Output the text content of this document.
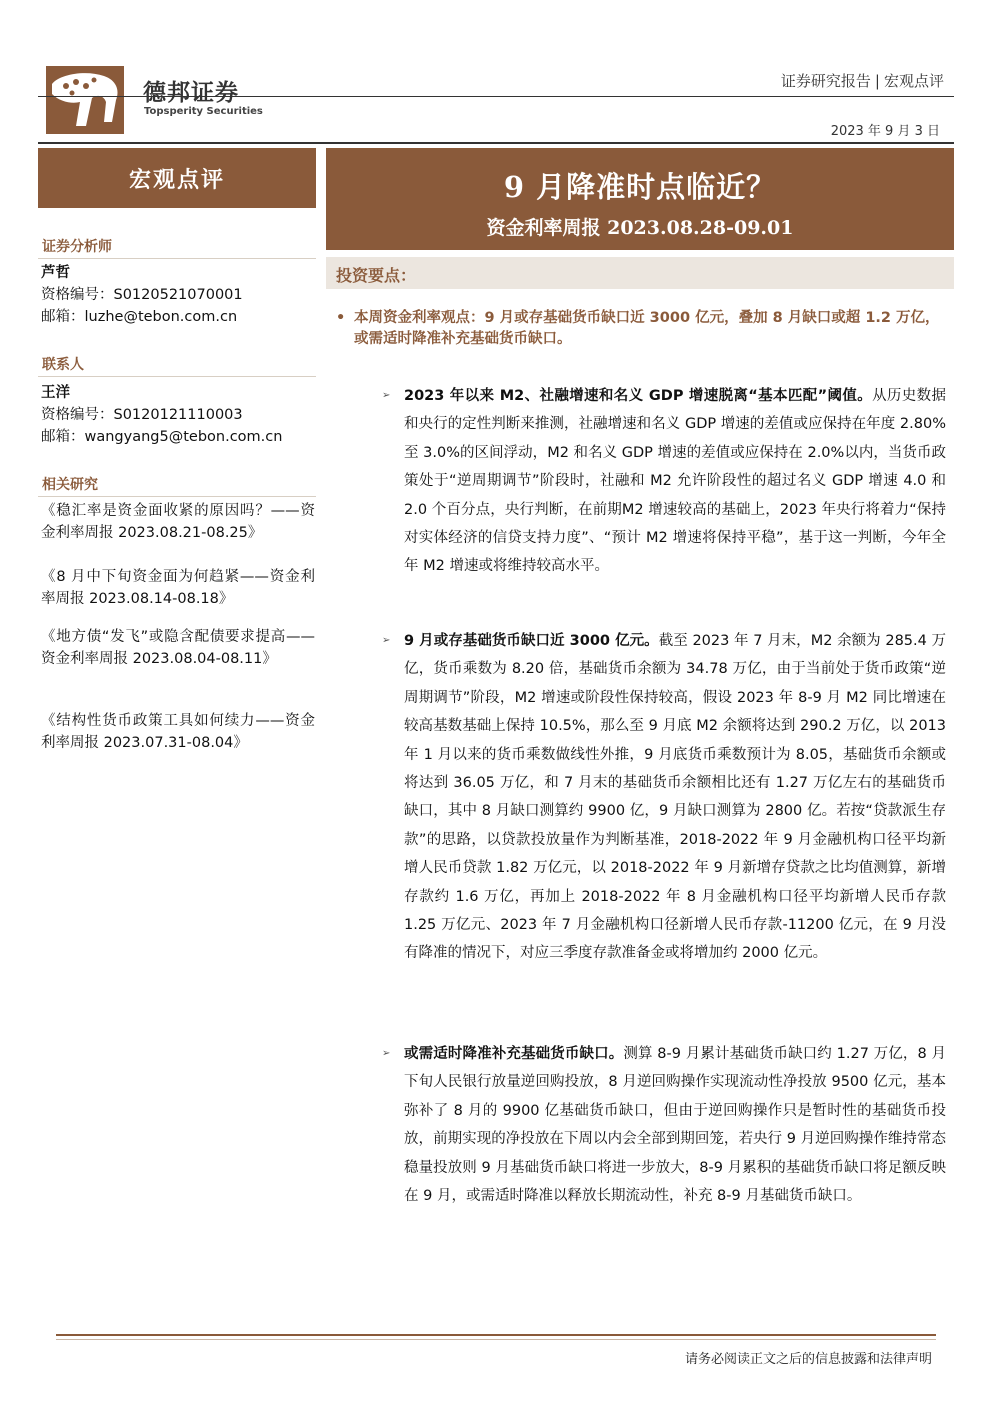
德邦证券
Topsperity Securities
证券研究报告 | 宏观点评
2023 年 9 月 3 日
宏观点评
证券分析师
芦哲
资格编号：S0120521070001
邮箱：luzhe@tebon.com.cn
联系人
王洋
资格编号：S0120121110003
邮箱：wangyang5@tebon.com.cn
相关研究
《稳汇率是资金面收紧的原因吗？——资金利率周报 2023.08.21-08.25》
《8 月中下旬资金面为何趋紧——资金利率周报 2023.08.14-08.18》
《地方债“发飞”或隐含配债要求提高——资金利率周报 2023.08.04-08.11》
《结构性货币政策工具如何续力——资金利率周报 2023.07.31-08.04》
9 月降准时点临近？
资金利率周报 2023.08.28-09.01
投资要点：
• 本周资金利率观点：9 月或存基础货币缺口近 3000 亿元，叠加 8 月缺口或超 1.2 万亿，或需适时降准补充基础货币缺口。
➢ 2023 年以来 M2、社融增速和名义 GDP 增速脱离“基本匹配”阈值。从历史数据和央行的定性判断来推测，社融增速和名义 GDP 增速的差值或应保持在年度 2.80%至 3.0%的区间浮动，M2 和名义 GDP 增速的差值或应保持在 2.0%以内，当货币政策处于“逆周期调节”阶段时，社融和 M2 允许阶段性的超过名义 GDP 增速 4.0 和 2.0 个百分点，央行判断，在前期M2 增速较高的基础上，2023 年央行将着力“保持对实体经济的信贷支持力度”、“预计 M2 增速将保持平稳”，基于这一判断，今年全年 M2 增速或将维持较高水平。
➢ 9 月或存基础货币缺口近 3000 亿元。截至 2023 年 7 月末，M2 余额为 285.4 万亿，货币乘数为 8.20 倍，基础货币余额为 34.78 万亿，由于当前处于货币政策“逆周期调节”阶段，M2 增速或阶段性保持较高，假设 2023 年 8-9 月 M2 同比增速在较高基数基础上保持 10.5%，那么至 9 月底 M2 余额将达到 290.2 万亿，以 2013 年 1 月以来的货币乘数做线性外推，9 月底货币乘数预计为 8.05，基础货币余额或将达到 36.05 万亿，和 7 月末的基础货币余额相比还有 1.27 万亿左右的基础货币缺口，其中 8 月缺口测算约 9900 亿，9 月缺口测算为 2800 亿。若按“贷款派生存款”的思路，以贷款投放量作为判断基准，2018-2022 年 9 月金融机构口径平均新增人民币贷款 1.82 万亿元，以 2018-2022 年 9 月新增存贷款之比均值测算，新增存款约 1.6 万亿，再加上 2018-2022 年 8 月金融机构口径平均新增人民币存款 1.25 万亿元、2023 年 7 月金融机构口径新增人民币存款-11200 亿元，在 9 月没有降准的情况下，对应三季度存款准备金或将增加约 2000 亿元。
➢ 或需适时降准补充基础货币缺口。测算 8-9 月累计基础货币缺口约 1.27 万亿，8 月下旬人民银行放量逆回购投放，8 月逆回购操作实现流动性净投放 9500 亿元，基本弥补了 8 月的 9900 亿基础货币缺口，但由于逆回购操作只是暂时性的基础货币投放，前期实现的净投放在下周以内会全部到期回笼，若央行 9 月逆回购操作维持常态稳量投放则 9 月基础货币缺口将进一步放大，8-9 月累积的基础货币缺口将足额反映在 9 月，或需适时降准以释放长期流动性，补充 8-9 月基础货币缺口。
请务必阅读正文之后的信息披露和法律声明
